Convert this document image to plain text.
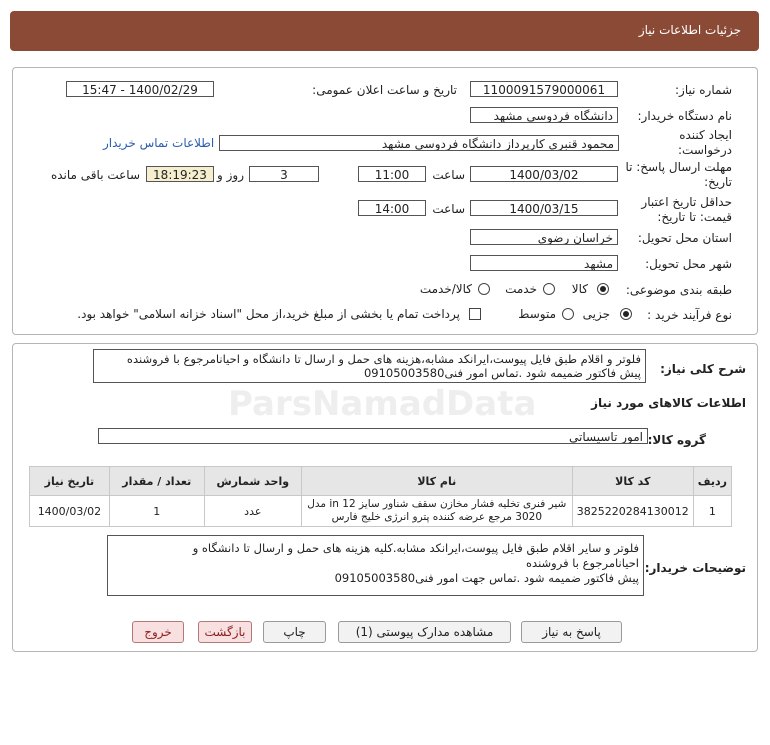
جزئیات اطلاعات نیاز
شماره نیاز:
1100091579000061
تاریخ و ساعت اعلان عمومی:
1400/02/29 - 15:47
نام دستگاه خریدار:
دانشگاه فردوسی مشهد
ایجاد کننده درخواست:
محمود قنبری کارپرداز دانشگاه فردوسی مشهد
اطلاعات تماس خریدار
مهلت ارسال پاسخ: تا تاریخ:
1400/03/02
ساعت
11:00
3
روز و
18:19:23
ساعت باقی مانده
حداقل تاریخ اعتبار قیمت: تا تاریخ:
1400/03/15
ساعت
14:00
استان محل تحویل:
خراسان رضوی
شهر محل تحویل:
مشهد
طبقه بندی موضوعی:
کالا
خدمت
کالا/خدمت
نوع فرآیند خرید :
جزیی
متوسط
پرداخت تمام یا بخشی از مبلغ خرید،از محل "اسناد خزانه اسلامی" خواهد بود.
شرح کلی نیاز:
فلوتر و اقلام طبق فایل پیوست،ایرانکد مشابه،هزینه های حمل و ارسال تا دانشگاه و احیانامرجوع با فروشنده
پیش فاکتور ضمیمه شود .تماس امور فنی09105003580
اطلاعات کالاهای مورد نیاز
گروه کالا:
امور تاسیساتی
ردیف	کد کالا	نام کالا	واحد شمارش	تعداد / مقدار	تاریخ نیاز
1	3825220284130012	شیر فنری تخلیه فشار مخازن سقف شناور سایز 12 in مدل
3020 مرجع عرضه کننده پترو انرژی خلیج فارس	عدد	1	1400/03/02
توضیحات خریدار:
فلوتر و سایر اقلام طبق فایل پیوست،ایرانکد مشابه.کلیه هزینه های حمل و ارسال تا دانشگاه و
احیانامرجوع با فروشنده
پیش فاکتور ضمیمه شود .تماس جهت امور فنی09105003580
پاسخ به نیاز
مشاهده مدارک پیوستی (1)
چاپ
بازگشت
خروج
ParsNamadData
